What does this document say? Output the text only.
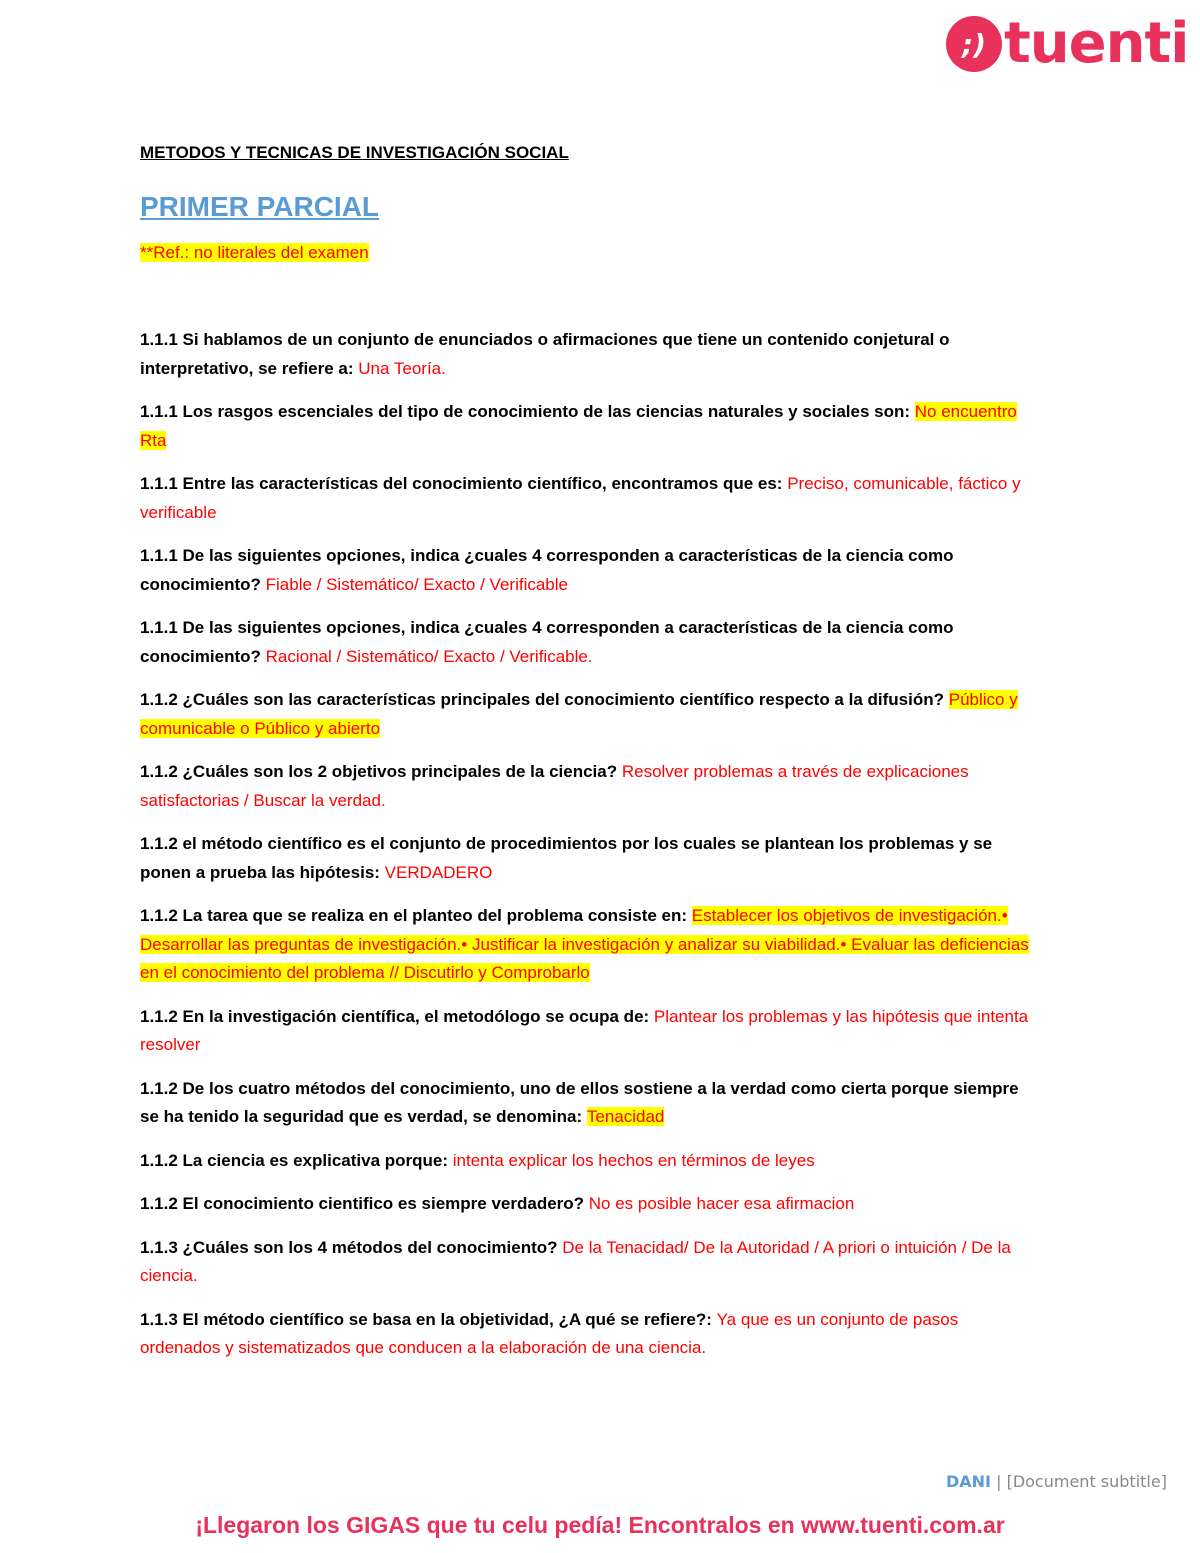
;) tuenti

METODOS Y TECNICAS DE INVESTIGACIÓN SOCIAL

PRIMER PARCIAL

**Ref.: no literales del examen

1.1.1 Si hablamos de un conjunto de enunciados o afirmaciones que tiene un contenido conjetural o interpretativo, se refiere a: Una Teoría.

1.1.1 Los rasgos escenciales del tipo de conocimiento de las ciencias naturales y sociales son: No encuentro Rta

1.1.1 Entre las características del conocimiento científico, encontramos que es: Preciso, comunicable, fáctico y verificable

1.1.1 De las siguientes opciones, indica ¿cuales 4 corresponden a características de la ciencia como conocimiento? Fiable / Sistemático/ Exacto / Verificable

1.1.1 De las siguientes opciones, indica ¿cuales 4 corresponden a características de la ciencia como conocimiento? Racional / Sistemático/ Exacto / Verificable.

1.1.2 ¿Cuáles son las características principales del conocimiento científico respecto a la difusión? Público y comunicable o Público y abierto

1.1.2 ¿Cuáles son los 2 objetivos principales de la ciencia? Resolver problemas a través de explicaciones satisfactorias / Buscar la verdad.

1.1.2 el método científico es el conjunto de procedimientos por los cuales se plantean los problemas y se ponen a prueba las hipótesis: VERDADERO

1.1.2 La tarea que se realiza en el planteo del problema consiste en: Establecer los objetivos de investigación.• Desarrollar las preguntas de investigación.• Justificar la investigación y analizar su viabilidad.• Evaluar las deficiencias en el conocimiento del problema // Discutirlo y Comprobarlo

1.1.2 En la investigación científica, el metodólogo se ocupa de: Plantear los problemas y las hipótesis que intenta resolver

1.1.2 De los cuatro métodos del conocimiento, uno de ellos sostiene a la verdad como cierta porque siempre se ha tenido la seguridad que es verdad, se denomina: Tenacidad

1.1.2 La ciencia es explicativa porque: intenta explicar los hechos en términos de leyes

1.1.2 El conocimiento cientifico es siempre verdadero? No es posible hacer esa afirmacion

1.1.3 ¿Cuáles son los 4 métodos del conocimiento? De la Tenacidad/ De la Autoridad / A priori o intuición / De la ciencia.

1.1.3 El método científico se basa en la objetividad, ¿A qué se refiere?: Ya que es un conjunto de pasos ordenados y sistematizados que conducen a la elaboración de una ciencia.

DANI | [Document subtitle]
¡Llegaron los GIGAS que tu celu pedía! Encontralos en www.tuenti.com.ar
